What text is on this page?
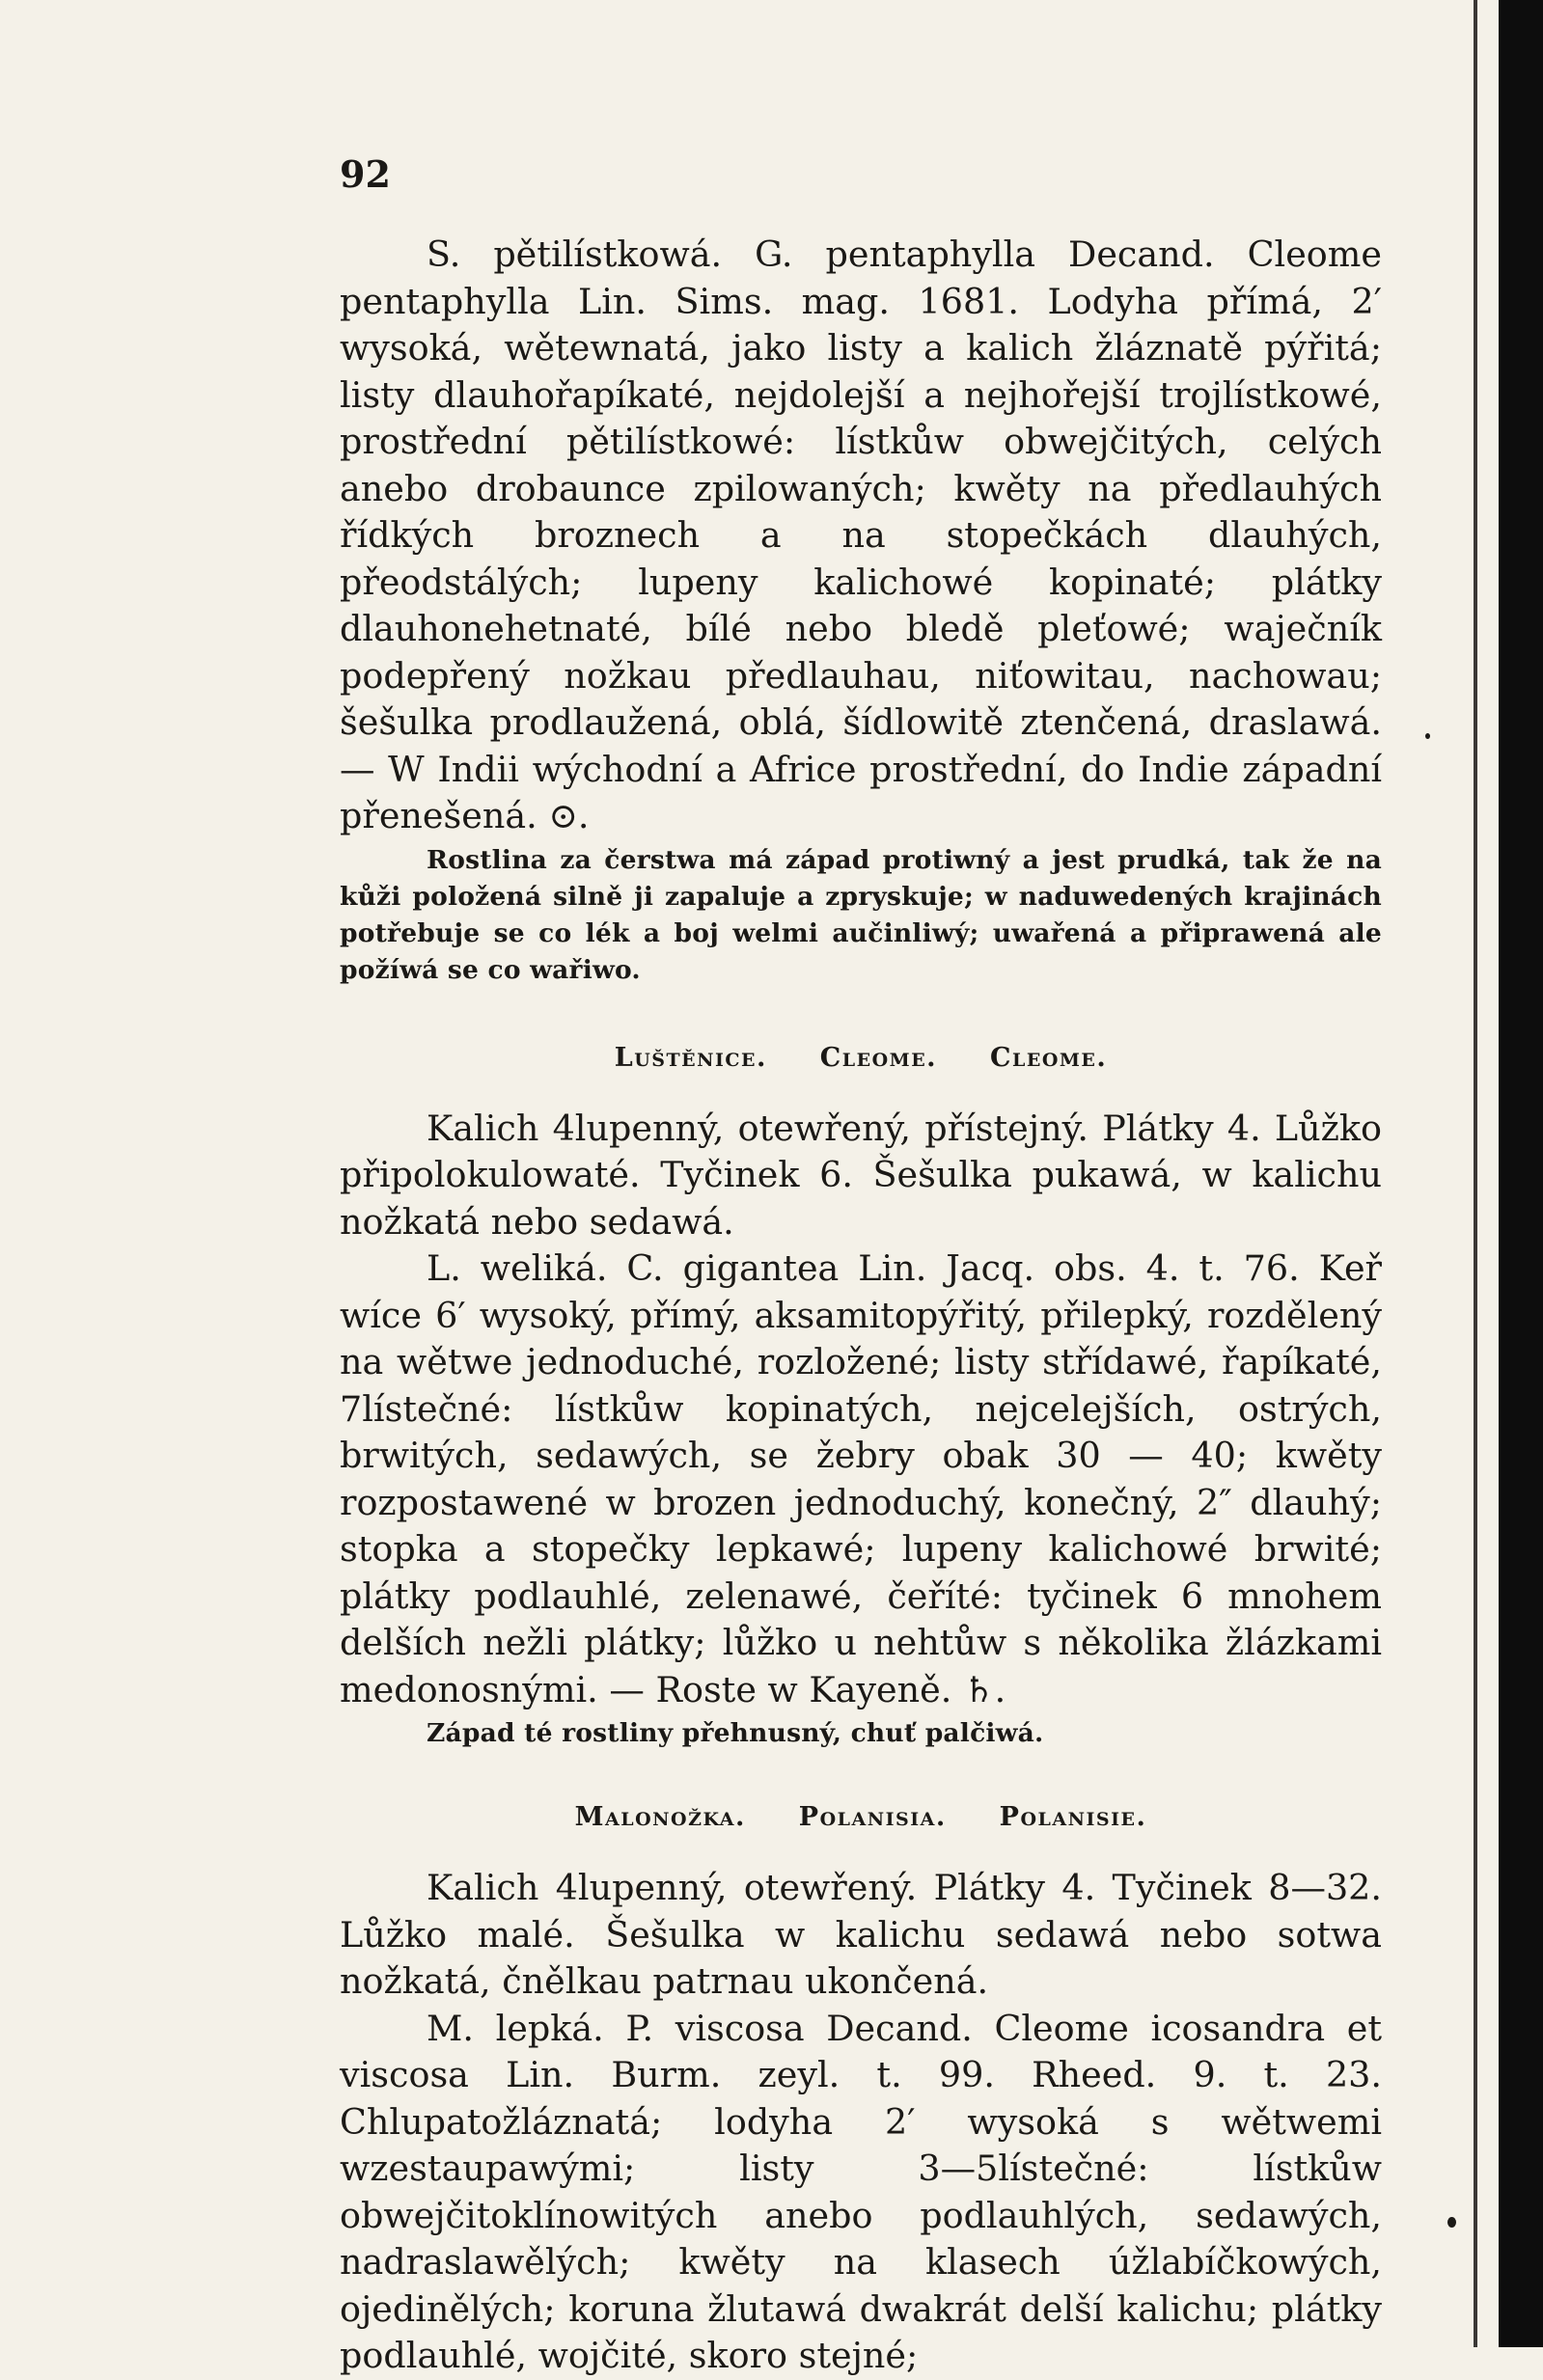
92

S. pětilístkowá. G. pentaphylla Decand. Cleome pentaphylla Lin. Sims. mag. 1681. Lodyha přímá, 2′ wysoká, wětewnatá, jako listy a kalich žláznatě pýřitá; listy dlauhořapíkaté, nejdolejší a nejhořejší trojlístkowé, prostřední pětilístkowé: lístkůw obwejčitých, celých anebo drobaunce zpilowaných; kwěty na předlauhých řídkých broznech a na stopečkách dlauhých, přeodstálých; lupeny kalichowé kopinaté; plátky dlauhonehetnaté, bílé nebo bledě pleťowé; waječník podepřený nožkau předlauhau, niťowitau, nachowau; šešulka prodlaužená, oblá, šídlowitě ztenčená, draslawá. — W Indii wýchodní a Africe prostřední, do Indie západní přenešená. ⊙.

Rostlina za čerstwa má západ protiwný a jest prudká, tak že na kůži položená silně ji zapaluje a zpryskuje; w naduwedených krajinách potřebuje se co lék a boj welmi aučinliwý; uwařená a připrawená ale požíwá se co wařiwo.

Luštěnice. Cleome. Cleome.

Kalich 4lupenný, otewřený, přístejný. Plátky 4. Lůžko připolokulowaté. Tyčinek 6. Šešulka pukawá, w kalichu nožkatá nebo sedawá.

L. weliká. C. gigantea Lin. Jacq. obs. 4. t. 76. Keř wíce 6′ wysoký, přímý, aksamitopýřitý, přilepký, rozdělený na wětwe jednoduché, rozložené; listy střídawé, řapíkaté, 7lístečné: lístkůw kopinatých, nejcelejších, ostrých, brwitých, sedawých, se žebry obak 30 — 40; kwěty rozpostawené w brozen jednoduchý, konečný, 2″ dlauhý; stopka a stopečky lepkawé; lupeny kalichowé brwité; plátky podlauhlé, zelenawé, čeříté: tyčinek 6 mnohem delších nežli plátky; lůžko u nehtůw s několika žlázkami medonosnými. — Roste w Kayeně. ♄.

Západ té rostliny přehnusný, chuť palčiwá.

Malonožka. Polanisia. Polanisie.

Kalich 4lupenný, otewřený. Plátky 4. Tyčinek 8—32. Lůžko malé. Šešulka w kalichu sedawá nebo sotwa nožkatá, čnělkau patrnau ukončená.

M. lepká. P. viscosa Decand. Cleome icosandra et viscosa Lin. Burm. zeyl. t. 99. Rheed. 9. t. 23. Chlupatožláznatá; lodyha 2′ wysoká s wětwemi wzestaupawými; listy 3—5lístečné: lístkůw obwejčitoklínowitých anebo podlauhlých, sedawých, nadraslawělých; kwěty na klasech úžlabíčkowých, ojedinělých; koruna žlutawá dwakrát delší kalichu; plátky podlauhlé, wojčité, skoro stejné;
